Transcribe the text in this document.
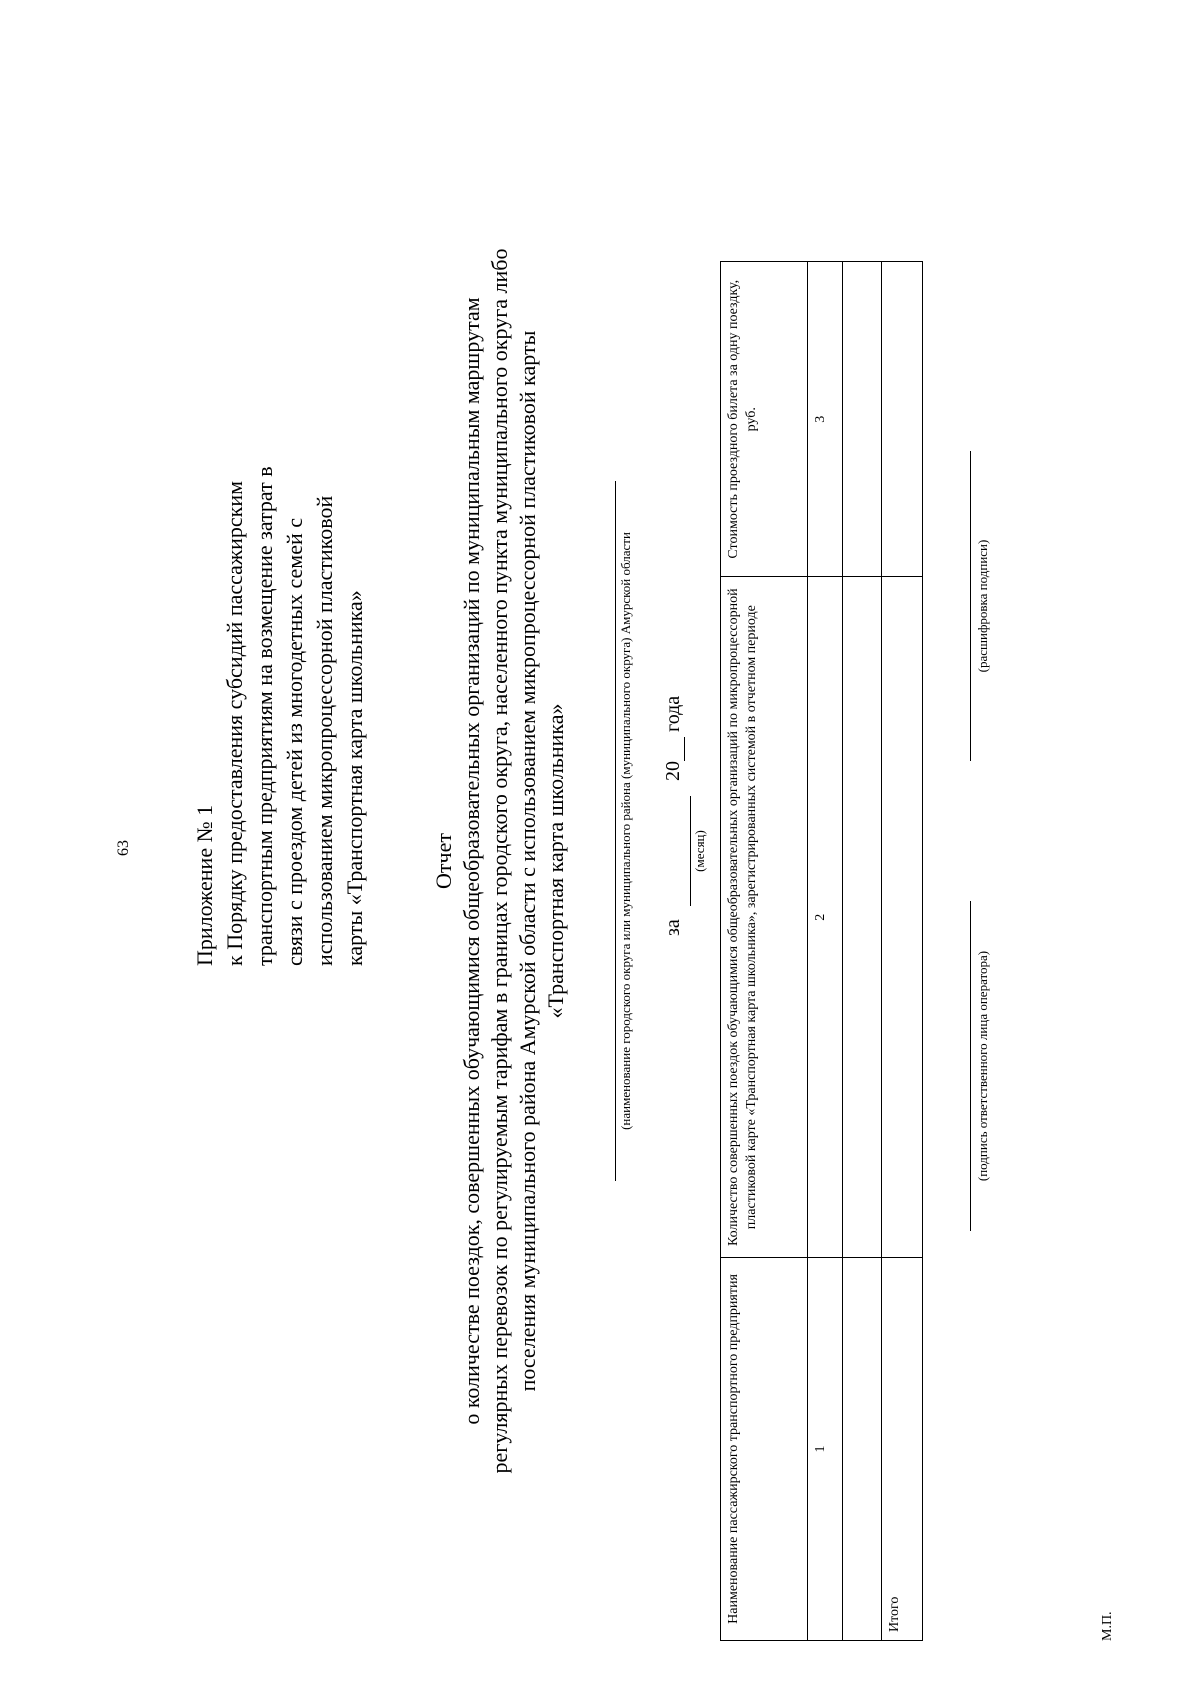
63	Приложение № 1 к Порядку предоставления субсидий пассажирским транспортным предприятиям на возмещение затрат в связи с проездом детей из многодетных семей с использованием микропроцессорной пластиковой карты «Транспортная карта школьника»	Отчет о количестве поездок, совершенных обучающимися общеобразовательных организаций по муниципальным маршрутам регулярных перевозок по регулируемым тарифам в границах городского округа, населенного пункта муниципального округа либо поселения муниципального района Амурской области с использованием микропроцессорной пластиковой карты «Транспортная карта школьника»	(наименование городского округа или муниципального района (муниципального округа) Амурской области за
(месяц)
20 года
Наименование пассажирского транспортного предприятия	Количество совершенных поездок обучающимися общеобразовательных организаций по микропроцессорной пластиковой карте «Транспортная карта школьника», зарегистрированных системой в отчетном периоде	Стоимость проездного билета за одну поездку, руб.
1	2	3

Итого		
(подпись ответственного лица оператора)
(расшифровка подписи)
М.П.
